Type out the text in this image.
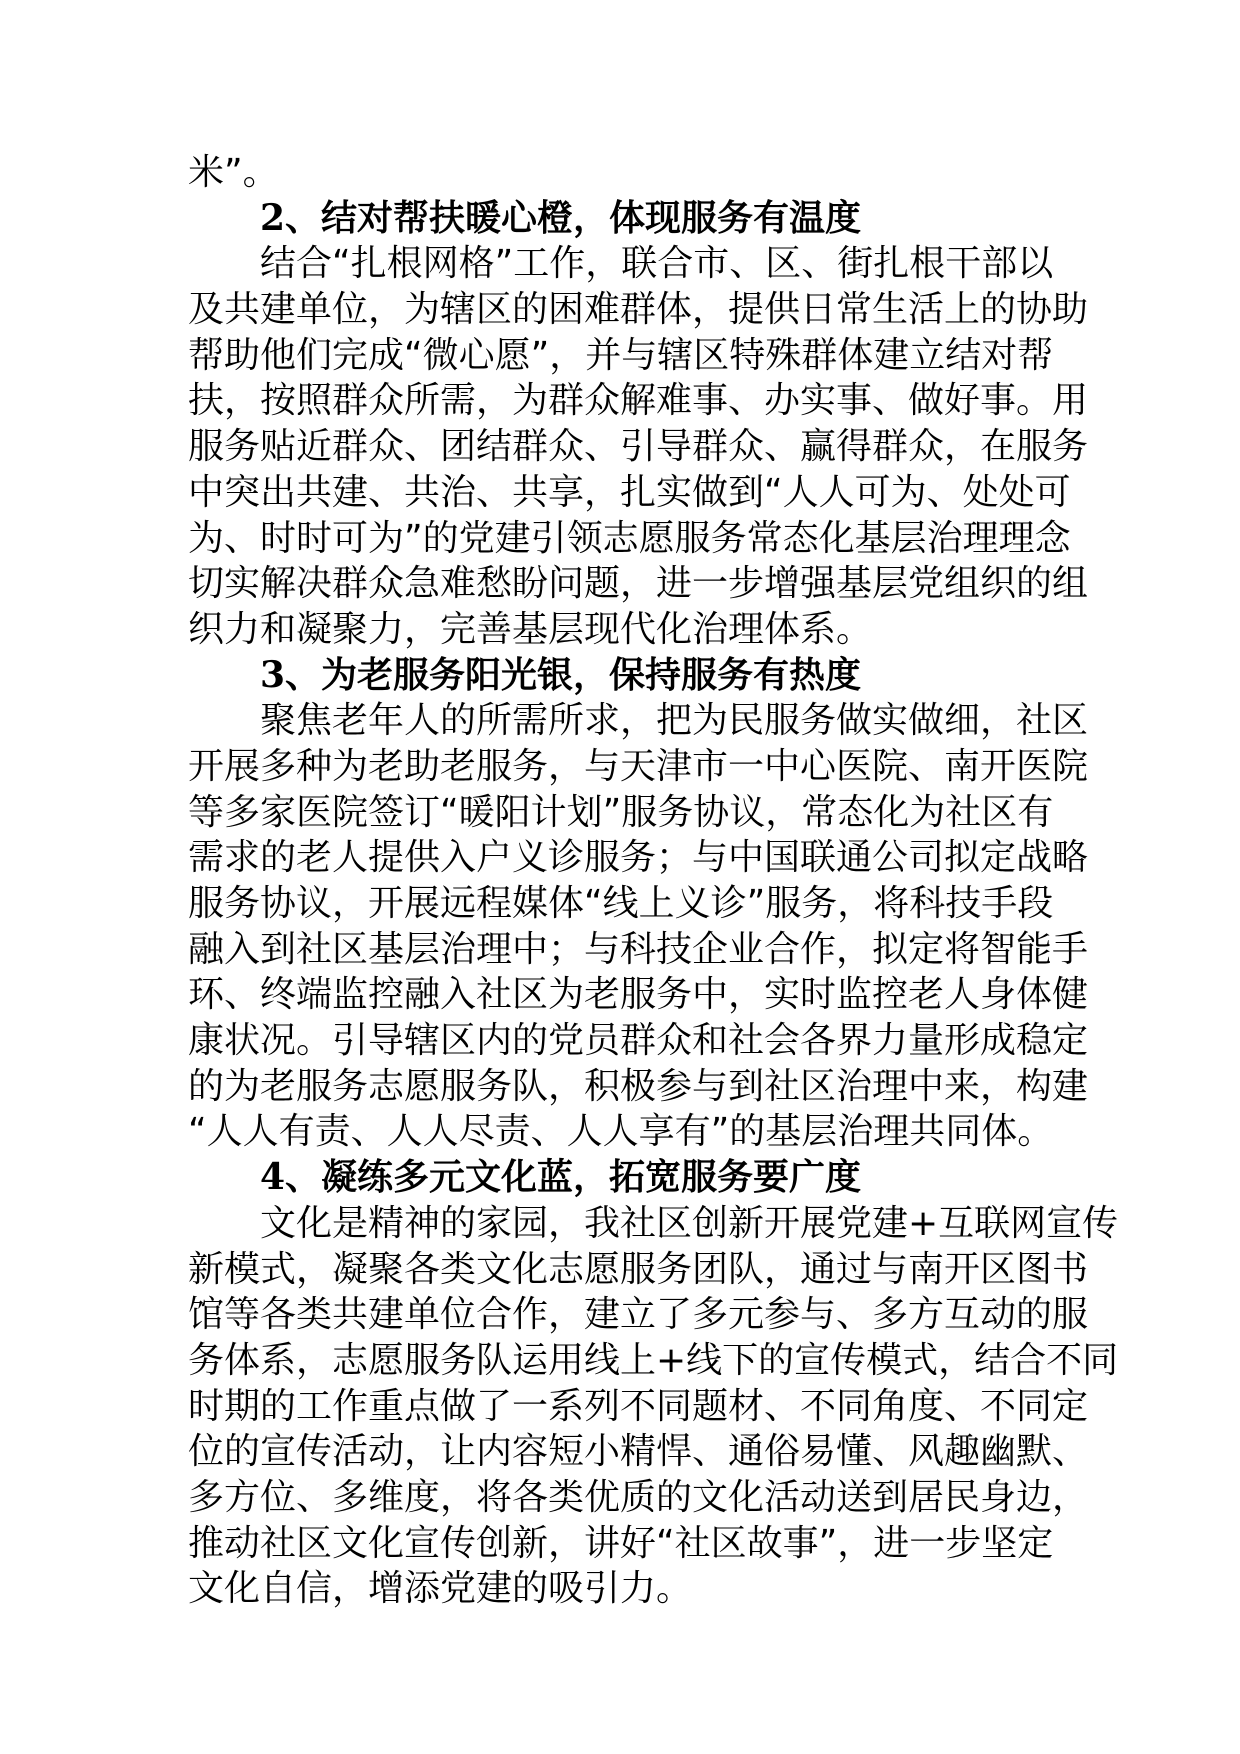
米”。
2、结对帮扶暖心橙，体现服务有温度
结合“扎根网格”工作，联合市、区、街扎根干部以
及共建单位，为辖区的困难群体，提供日常生活上的协助
帮助他们完成“微心愿”，并与辖区特殊群体建立结对帮
扶，按照群众所需，为群众解难事、办实事、做好事。用
服务贴近群众、团结群众、引导群众、赢得群众，在服务
中突出共建、共治、共享，扎实做到“人人可为、处处可
为、时时可为”的党建引领志愿服务常态化基层治理理念
切实解决群众急难愁盼问题，进一步增强基层党组织的组
织力和凝聚力，完善基层现代化治理体系。
3、为老服务阳光银，保持服务有热度
聚焦老年人的所需所求，把为民服务做实做细，社区
开展多种为老助老服务，与天津市一中心医院、南开医院
等多家医院签订“暖阳计划”服务协议，常态化为社区有
需求的老人提供入户义诊服务；与中国联通公司拟定战略
服务协议，开展远程媒体“线上义诊”服务，将科技手段
融入到社区基层治理中；与科技企业合作，拟定将智能手
环、终端监控融入社区为老服务中，实时监控老人身体健
康状况。引导辖区内的党员群众和社会各界力量形成稳定
的为老服务志愿服务队，积极参与到社区治理中来，构建
“人人有责、人人尽责、人人享有”的基层治理共同体。
4、凝练多元文化蓝，拓宽服务要广度
文化是精神的家园，我社区创新开展党建+互联网宣传
新模式，凝聚各类文化志愿服务团队，通过与南开区图书
馆等各类共建单位合作，建立了多元参与、多方互动的服
务体系，志愿服务队运用线上+线下的宣传模式，结合不同
时期的工作重点做了一系列不同题材、不同角度、不同定
位的宣传活动，让内容短小精悍、通俗易懂、风趣幽默、
多方位、多维度，将各类优质的文化活动送到居民身边，
推动社区文化宣传创新，讲好“社区故事”，进一步坚定
文化自信，增添党建的吸引力。
